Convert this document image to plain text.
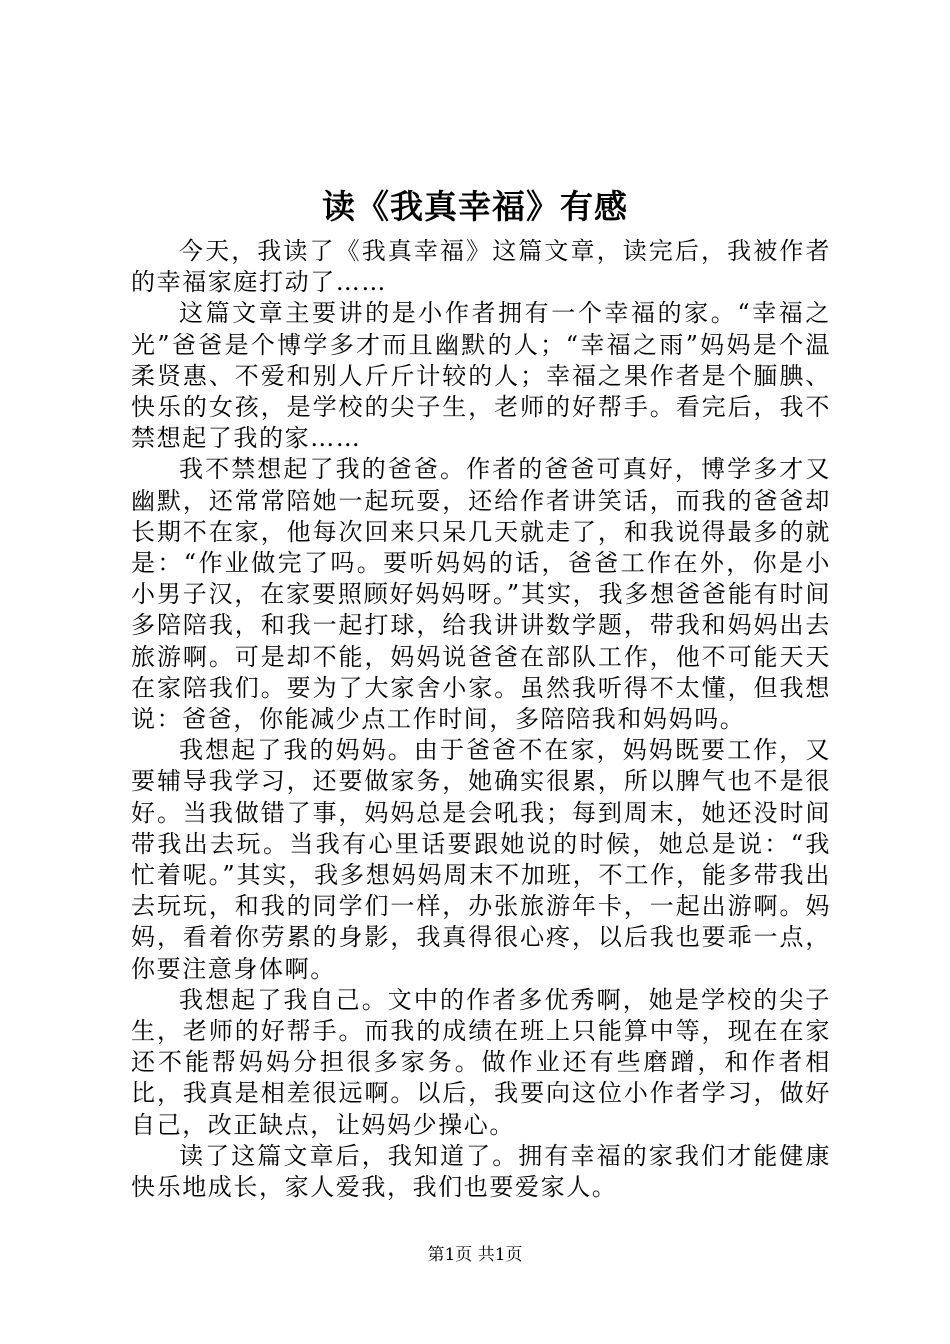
读《我真幸福》有感

今天，我读了《我真幸福》这篇文章，读完后，我被作者的幸福家庭打动了……

这篇文章主要讲的是小作者拥有一个幸福的家。“幸福之光”爸爸是个博学多才而且幽默的人；“幸福之雨”妈妈是个温柔贤惠、不爱和别人斤斤计较的人；幸福之果作者是个腼腆、快乐的女孩，是学校的尖子生，老师的好帮手。看完后，我不禁想起了我的家……

我不禁想起了我的爸爸。作者的爸爸可真好，博学多才又幽默，还常常陪她一起玩耍，还给作者讲笑话，而我的爸爸却长期不在家，他每次回来只呆几天就走了，和我说得最多的就是：“作业做完了吗。要听妈妈的话，爸爸工作在外，你是小小男子汉，在家要照顾好妈妈呀。”其实，我多想爸爸能有时间多陪陪我，和我一起打球，给我讲讲数学题，带我和妈妈出去旅游啊。可是却不能，妈妈说爸爸在部队工作，他不可能天天在家陪我们。要为了大家舍小家。虽然我听得不太懂，但我想说：爸爸，你能减少点工作时间，多陪陪我和妈妈吗。

我想起了我的妈妈。由于爸爸不在家，妈妈既要工作，又要辅导我学习，还要做家务，她确实很累，所以脾气也不是很好。当我做错了事，妈妈总是会吼我；每到周末，她还没时间带我出去玩。当我有心里话要跟她说的时候，她总是说：“我忙着呢。”其实，我多想妈妈周末不加班，不工作，能多带我出去玩玩，和我的同学们一样，办张旅游年卡，一起出游啊。妈妈，看着你劳累的身影，我真得很心疼，以后我也要乖一点，你要注意身体啊。

我想起了我自己。文中的作者多优秀啊，她是学校的尖子生，老师的好帮手。而我的成绩在班上只能算中等，现在在家还不能帮妈妈分担很多家务。做作业还有些磨蹭，和作者相比，我真是相差很远啊。以后，我要向这位小作者学习，做好自己，改正缺点，让妈妈少操心。

读了这篇文章后，我知道了。拥有幸福的家我们才能健康快乐地成长，家人爱我，我们也要爱家人。

第1页 共1页
